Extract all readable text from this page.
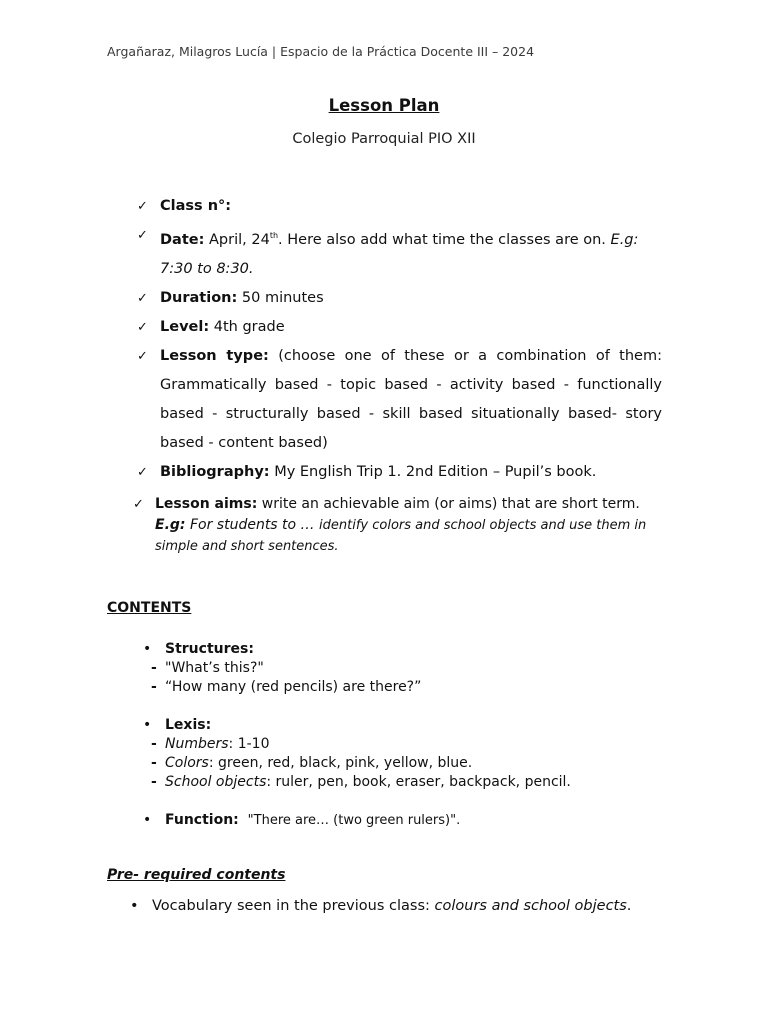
Argañaraz, Milagros Lucía | Espacio de la Práctica Docente III – 2024
Lesson Plan
Colegio Parroquial PIO XII
✓ Class n°:
✓ Date: April, 24th. Here also add what time the classes are on. E.g: 7:30 to 8:30.
✓ Duration: 50 minutes
✓ Level: 4th grade
✓ Lesson type: (choose one of these or a combination of them: Grammatically based - topic based - activity based - functionally based - structurally based - skill based situationally based- story based - content based)
✓ Bibliography: My English Trip 1. 2nd Edition – Pupil’s book.
✓ Lesson aims: write an achievable aim (or aims) that are short term.
E.g: For students to … identify colors and school objects and use them in simple and short sentences.
CONTENTS
• Structures:
- "What’s this?"
- “How many (red pencils) are there?”
• Lexis:
- Numbers: 1-10
- Colors: green, red, black, pink, yellow, blue.
- School objects: ruler, pen, book, eraser, backpack, pencil.
• Function: "There are… (two green rulers)".
Pre- required contents
• Vocabulary seen in the previous class: colours and school objects.
